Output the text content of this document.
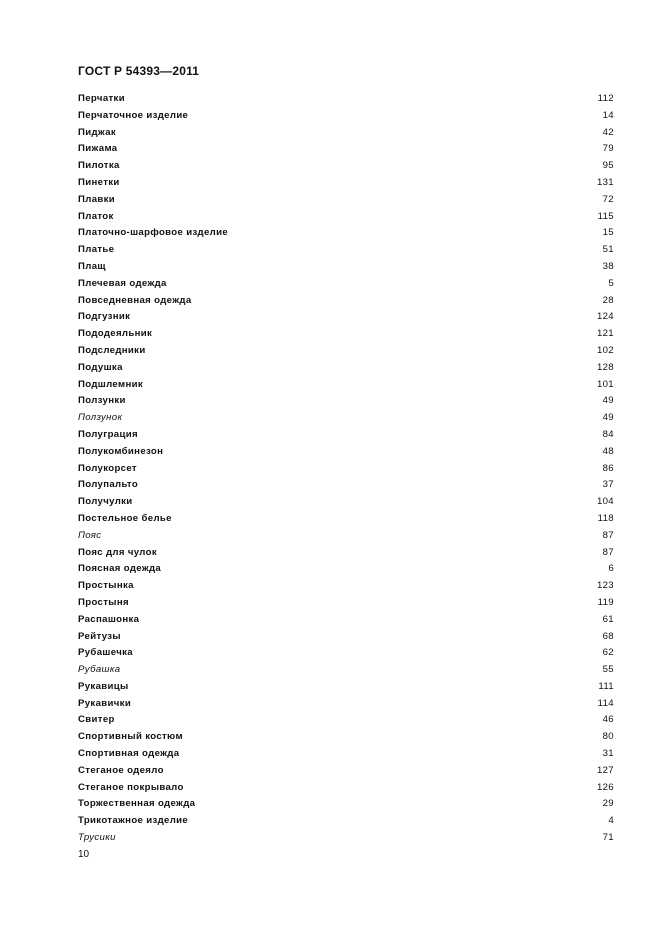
ГОСТ Р 54393—2011
Перчатки	112
Перчаточное изделие	14
Пиджак	42
Пижама	79
Пилотка	95
Пинетки	131
Плавки	72
Платок	115
Платочно-шарфовое изделие	15
Платье	51
Плащ	38
Плечевая одежда	5
Повседневная одежда	28
Подгузник	124
Пододеяльник	121
Подследники	102
Подушка	128
Подшлемник	101
Ползунки	49
Ползунок	49
Полуграция	84
Полукомбинезон	48
Полукорсет	86
Полупальто	37
Получулки	104
Постельное белье	118
Пояс	87
Пояс для чулок	87
Поясная одежда	6
Простынка	123
Простыня	119
Распашонка	61
Рейтузы	68
Рубашечка	62
Рубашка	55
Рукавицы	111
Рукавички	114
Свитер	46
Спортивный костюм	80
Спортивная одежда	31
Стеганое одеяло	127
Стеганое покрывало	126
Торжественная одежда	29
Трикотажное изделие	4
Трусики	71
10
